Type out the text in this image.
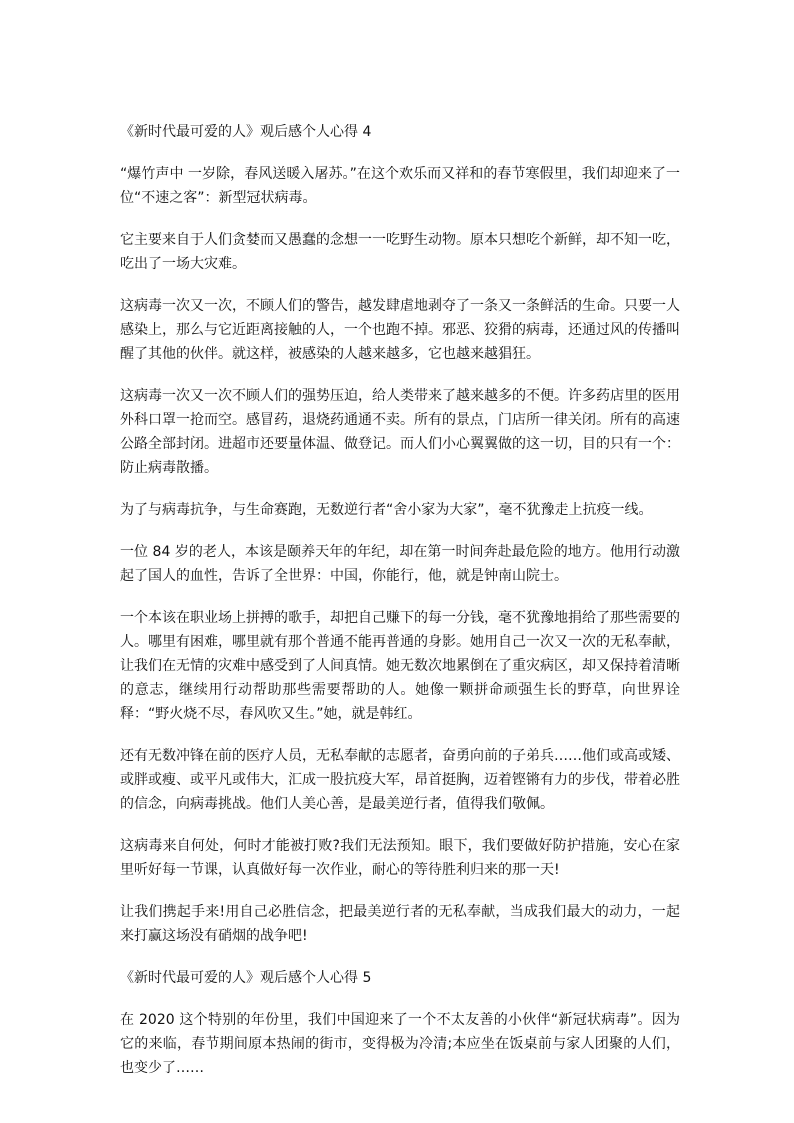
《新时代最可爱的人》观后感个人心得 4
“爆竹声中 一岁除，春风送暖入屠苏。”在这个欢乐而又祥和的春节寒假里，我们却迎来了一位“不速之客”：新型冠状病毒。
它主要来自于人们贪婪而又愚蠢的念想一一吃野生动物。原本只想吃个新鲜，却不知一吃，吃出了一场大灾难。
这病毒一次又一次，不顾人们的警告，越发肆虐地剥夺了一条又一条鲜活的生命。只要一人感染上，那么与它近距离接触的人，一个也跑不掉。邪恶、狡猾的病毒，还通过风的传播叫醒了其他的伙伴。就这样，被感染的人越来越多，它也越来越猖狂。
这病毒一次又一次不顾人们的强势压迫，给人类带来了越来越多的不便。许多药店里的医用外科口罩一抢而空。感冒药，退烧药通通不卖。所有的景点，门店所一律关闭。所有的高速公路全部封闭。进超市还要量体温、做登记。而人们小心翼翼做的这一切，目的只有一个：防止病毒散播。
为了与病毒抗争，与生命赛跑，无数逆行者“舍小家为大家”，毫不犹豫走上抗疫一线。
一位 84 岁的老人，本该是颐养天年的年纪，却在第一时间奔赴最危险的地方。他用行动激起了国人的血性，告诉了全世界：中国，你能行，他，就是钟南山院士。
一个本该在职业场上拼搏的歌手，却把自己赚下的每一分钱，毫不犹豫地捐给了那些需要的人。哪里有困难，哪里就有那个普通不能再普通的身影。她用自己一次又一次的无私奉献，让我们在无情的灾难中感受到了人间真情。她无数次地累倒在了重灾病区，却又保持着清晰的意志，继续用行动帮助那些需要帮助的人。她像一颗拼命顽强生长的野草，向世界诠释：“野火烧不尽，春风吹又生。”她，就是韩红。
还有无数冲锋在前的医疗人员，无私奉献的志愿者，奋勇向前的子弟兵……他们或高或矮、或胖或瘦、或平凡或伟大，汇成一股抗疫大军，昂首挺胸，迈着铿锵有力的步伐，带着必胜的信念，向病毒挑战。他们人美心善，是最美逆行者，值得我们敬佩。
这病毒来自何处，何时才能被打败?我们无法预知。眼下，我们要做好防护措施，安心在家里听好每一节课，认真做好每一次作业，耐心的等待胜利归来的那一天!
让我们携起手来!用自己必胜信念，把最美逆行者的无私奉献，当成我们最大的动力，一起来打赢这场没有硝烟的战争吧!
《新时代最可爱的人》观后感个人心得 5
在 2020 这个特别的年份里，我们中国迎来了一个不太友善的小伙伴“新冠状病毒”。因为它的来临，春节期间原本热闹的街市，变得极为冷清;本应坐在饭桌前与家人团聚的人们，也变少了……
